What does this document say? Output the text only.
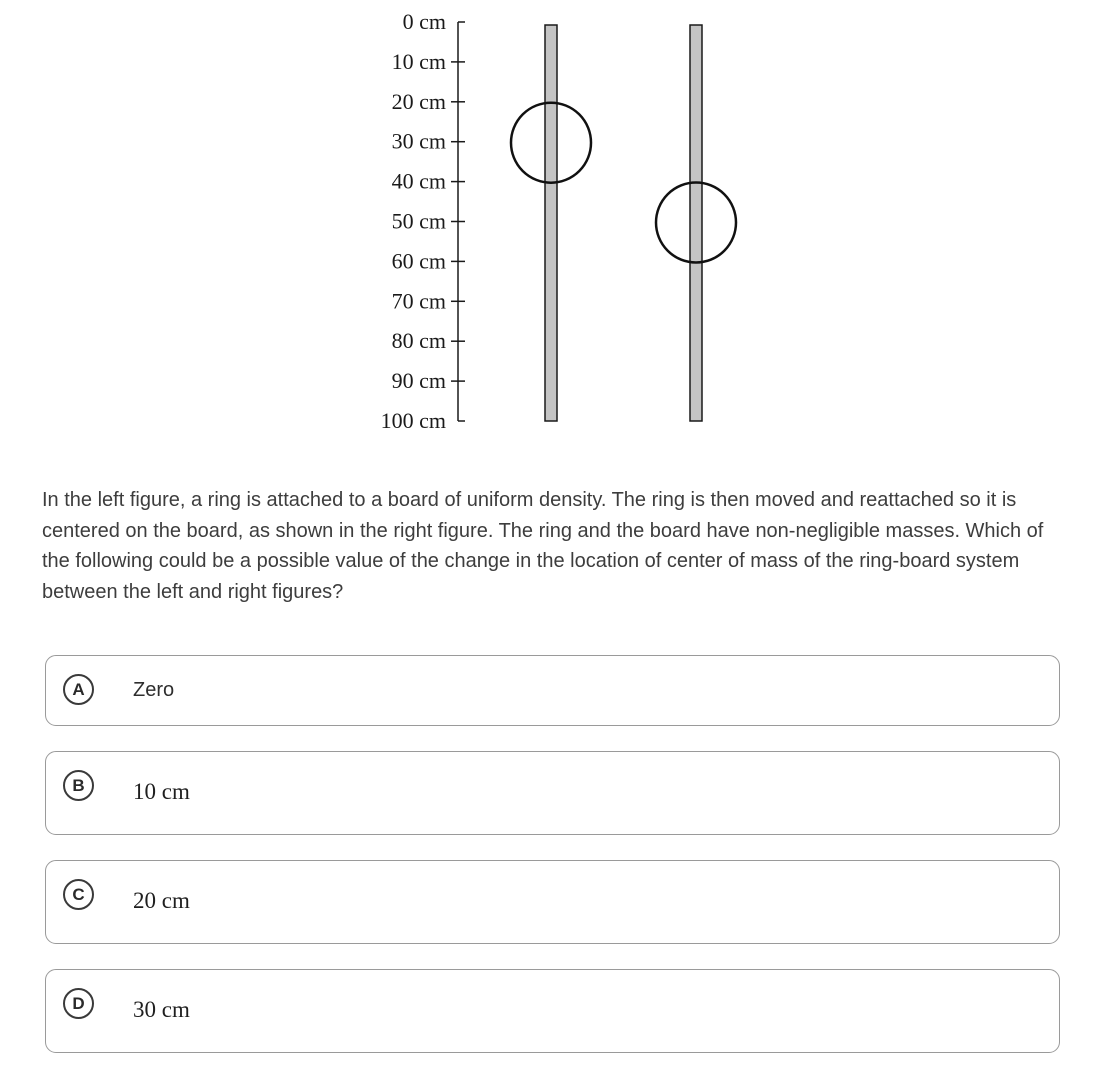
0 cm
10 cm
20 cm
30 cm
40 cm
50 cm
60 cm
70 cm
80 cm
90 cm
100 cm

In the left figure, a ring is attached to a board of uniform density. The ring is then moved and reattached so it is centered on the board, as shown in the right figure. The ring and the board have non-negligible masses. Which of the following could be a possible value of the change in the location of center of mass of the ring-board system between the left and right figures?

A	Zero
B	10 cm
C	20 cm
D	30 cm
